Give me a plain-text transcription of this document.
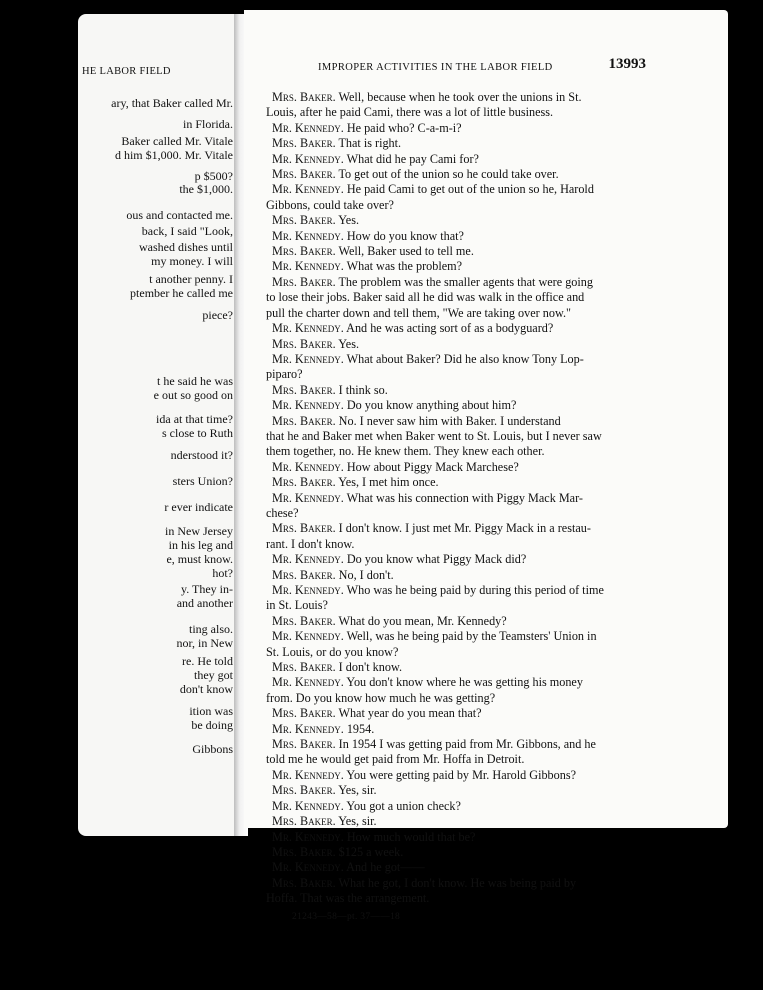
HE LABOR FIELD
ary, that Baker called Mr.
in Florida.
Baker called Mr. Vitale
d him $1,000. Mr. Vitale
p $500?
the $1,000.
ous and contacted me.
back, I said "Look,
washed dishes until
my money. I will
t another penny. I
ptember he called me
piece?
t he said he was
e out so good on
ida at that time?
s close to Ruth
nderstood it?
sters Union?
r ever indicate
in New Jersey
in his leg and
e, must know.
hot?
y. They in-
and another
ting also.
nor, in New
re. He told
they got
don't know
ition was
be doing
Gibbons
IMPROPER ACTIVITIES IN THE LABOR FIELD	13993
Mrs. Baker. Well, because when he took over the unions in St.
Louis, after he paid Cami, there was a lot of little business.
Mr. Kennedy. He paid who? C-a-m-i?
Mrs. Baker. That is right.
Mr. Kennedy. What did he pay Cami for?
Mrs. Baker. To get out of the union so he could take over.
Mr. Kennedy. He paid Cami to get out of the union so he, Harold
Gibbons, could take over?
Mrs. Baker. Yes.
Mr. Kennedy. How do you know that?
Mrs. Baker. Well, Baker used to tell me.
Mr. Kennedy. What was the problem?
Mrs. Baker. The problem was the smaller agents that were going
to lose their jobs. Baker said all he did was walk in the office and
pull the charter down and tell them, "We are taking over now."
Mr. Kennedy. And he was acting sort of as a bodyguard?
Mrs. Baker. Yes.
Mr. Kennedy. What about Baker? Did he also know Tony Lop-
piparo?
Mrs. Baker. I think so.
Mr. Kennedy. Do you know anything about him?
Mrs. Baker. No. I never saw him with Baker. I understand
that he and Baker met when Baker went to St. Louis, but I never saw
them together, no. He knew them. They knew each other.
Mr. Kennedy. How about Piggy Mack Marchese?
Mrs. Baker. Yes, I met him once.
Mr. Kennedy. What was his connection with Piggy Mack Mar-
chese?
Mrs. Baker. I don't know. I just met Mr. Piggy Mack in a restau-
rant. I don't know.
Mr. Kennedy. Do you know what Piggy Mack did?
Mrs. Baker. No, I don't.
Mr. Kennedy. Who was he being paid by during this period of time
in St. Louis?
Mrs. Baker. What do you mean, Mr. Kennedy?
Mr. Kennedy. Well, was he being paid by the Teamsters' Union in
St. Louis, or do you know?
Mrs. Baker. I don't know.
Mr. Kennedy. You don't know where he was getting his money
from. Do you know how much he was getting?
Mrs. Baker. What year do you mean that?
Mr. Kennedy. 1954.
Mrs. Baker. In 1954 I was getting paid from Mr. Gibbons, and he
told me he would get paid from Mr. Hoffa in Detroit.
Mr. Kennedy. You were getting paid by Mr. Harold Gibbons?
Mrs. Baker. Yes, sir.
Mr. Kennedy. You got a union check?
Mrs. Baker. Yes, sir.
Mr. Kennedy. How much would that be?
Mrs. Baker. $125 a week.
Mr. Kennedy. And he got——
Mrs. Baker. What he got, I don't know. He was being paid by
Hoffa. That was the arrangement.
21243—58—pt. 37——18
